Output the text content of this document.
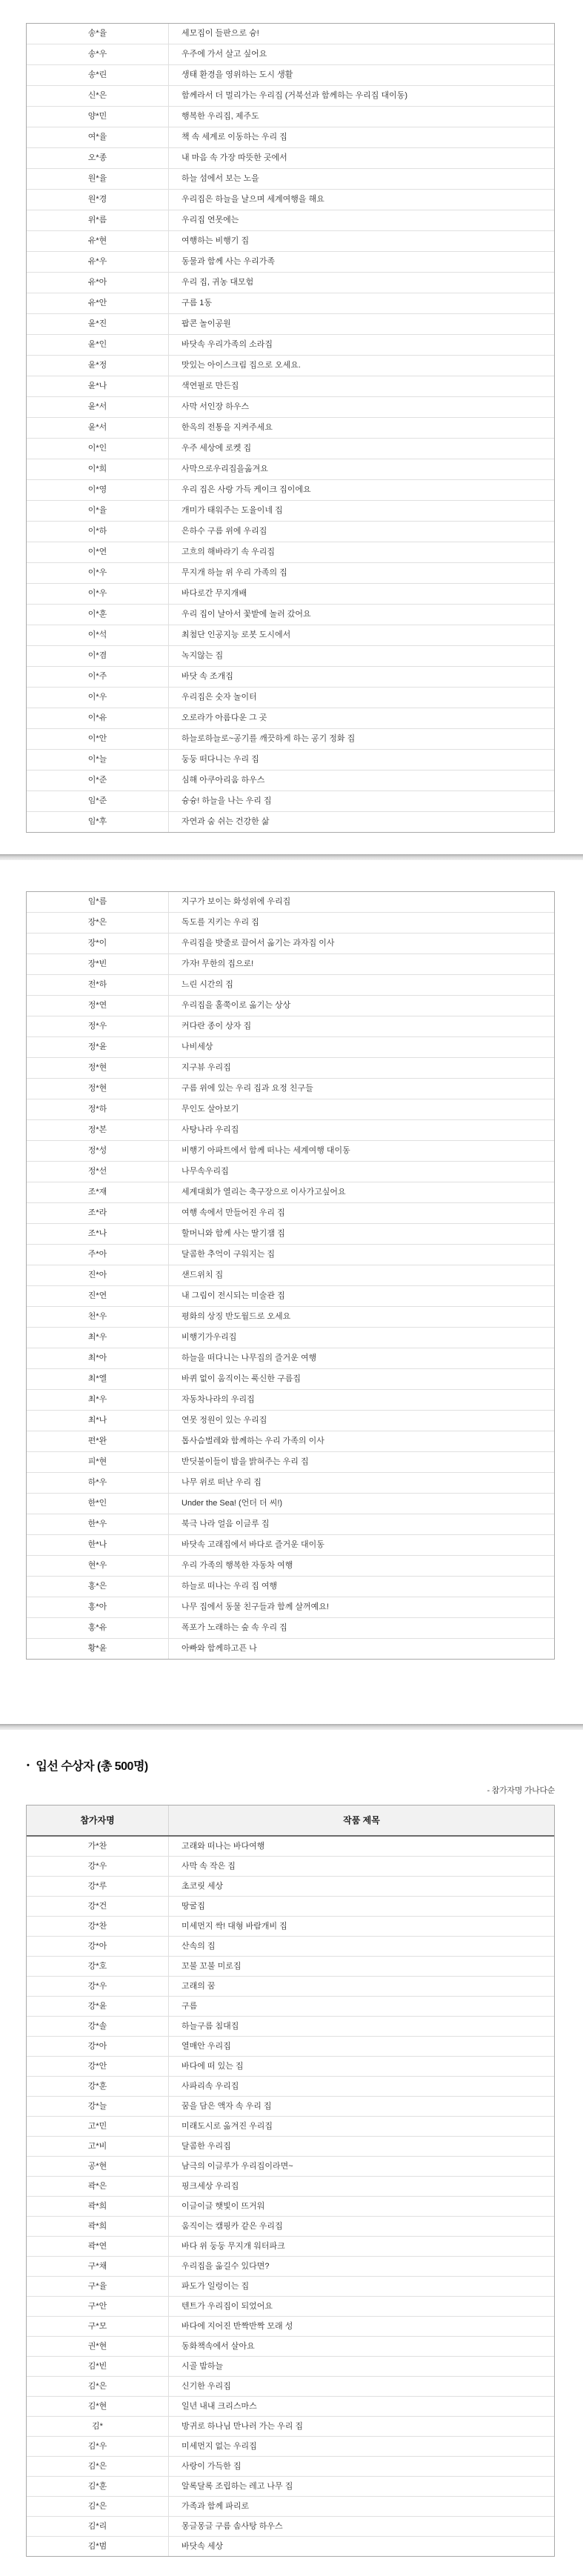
송*율	세모집이 들판으로 슝!
송*우	우주에 가서 살고 싶어요
송*린	생태 환경을 영위하는 도시 생활
신*은	함께라서 더 멀리가는 우리집 (거북선과 함께하는 우리집 대이동)
양*민	행복한 우리집, 제주도
여*율	책 속 세계로 이동하는 우리 집
오*종	내 마음 속 가장 따뜻한 곳에서
원*율	하늘 섬에서 보는 노을
원*경	우리집은 하늘을 날으며 세계여행을 해요
위*름	우리집 연못에는
유*현	여행하는 비행기 집
유*우	동물과 함께 사는 우리가족
유*아	우리 집, 귀농 대모험
유*안	구름 1동
윤*진	팝콘 놀이공원
윤*인	바닷속 우리가족의 소라집
윤*정	맛있는 아이스크림 집으로 오세요.
윤*나	색연필로 만든집
윤*서	사막 서인장 하우스
윤*서	한옥의 전통을 지켜주세요
이*인	우주 세상에 로켓 집
이*희	사막으로우리집을옮겨요
이*영	우리 집은 사랑 가득 케이크 집이에요
이*율	개미가 태워주는 도율이네 집
이*하	은하수 구름 위에 우리집
이*연	고흐의 해바라기 속 우리집
이*우	무지개 하늘 위 우리 가족의 집
이*우	바다로간 무지개배
이*훈	우리 집이 날아서 꽃밭에 놀러 갔어요
이*석	최첨단 인공지능 로봇 도시에서
이*겸	녹지않는 집
이*주	바닷 속 조개집
이*우	우리집은 숫자 놀이터
이*유	오로라가 아름다운 그 곳
이*안	하늘로하늘로~공기를 깨끗하게 하는 공기 정화 집
이*늘	둥둥 떠다니는 우리 집
이*준	심해 아쿠아리움 하우스
임*준	슝슝! 하늘을 나는 우리 집
임*후	자연과 숨 쉬는 건강한 삶
임*름	지구가 보이는 화성위에 우리집
장*은	독도를 지키는 우리 집
장*이	우리집을 밧줄로 끌어서 옮기는 과자집 이사
장*빈	가자! 무한의 집으로!
전*하	느린 시간의 집
정*연	우리집을 홀쭉이로 옮기는 상상
정*우	커다란 종이 상자 집
정*윤	나비세상
정*현	지구뷰 우리집
정*현	구름 위에 있는 우리 집과 요정 친구들
정*하	무인도 살아보기
정*본	사탕나라 우리집
정*성	비행기 아파트에서 함께 떠나는 세계여행 대이동
정*선	나무속우리집
조*재	세계대회가 열리는 축구장으로 이사가고싶어요
조*라	여행 속에서 만들어진 우리 집
조*나	할머니와 함께 사는 딸기잼 집
주*아	달콤한 추억이 구워지는 집
진*아	샌드위치 집
진*연	내 그림이 전시되는 미술관 집
천*우	평화의 상징 반도월드로 오세요
최*우	비행기가우리집
최*아	하늘을 떠다니는 나무집의 즐거운 여행
최*엘	바퀴 없이 움직이는 푹신한 구름집
최*우	자동차나라의 우리집
최*나	연못 정원이 있는 우리집
편*완	톱사슴벌레와 함께하는 우리 가족의 이사
피*현	반딧불이들이 밤을 밝혀주는 우리 집
하*우	나무 위로 떠난 우리 집
한*인	Under the Sea! (언더 더 씨!)
한*우	북극 나라 얼음 이글루 집
한*나	바닷속 고래집에서 바다로 즐거운 대이동
현*우	우리 가족의 행복한 자동차 여행
홍*은	하늘로 떠나는 우리 집 여행
홍*아	나무 집에서 동물 친구들과 함께 살꺼예요!
홍*유	폭포가 노래하는 숲 속 우리 집
황*윤	아빠와 함께하고픈 나
• 입선 수상자 (총 500명)
- 참가자명 가나다순
참가자명	작품 제목
가*찬	고래와 떠나는 바다여행
강*우	사막 속 작은 집
강*루	초코릿 세상
강*건	땅굴집
강*찬	미세먼지 싹! 대형 바람개비 집
강*아	산속의 집
강*호	꼬불 꼬불 미로집
강*우	고래의 꿈
강*윤	구름
강*솔	하늘구름 침대집
강*아	열매안 우리집
강*안	바다에 떠 있는 집
강*훈	사파리속 우리집
강*늘	꿈을 담은 액자 속 우리 집
고*민	미래도시로 옮겨진 우리집
고*비	달콤한 우리집
공*현	남극의 이글루가 우리집이라면~
곽*은	핑크세상 우리집
곽*희	이글이글 햇빛이 뜨거워
곽*희	움직이는 캠핑카 같은 우리집
곽*연	바다 위 둥둥 무지개 워터파크
구*채	우리집을 옮길수 있다면?
구*율	파도가 일렁이는 집
구*안	텐트가 우리집이 되었어요
구*모	바다에 지어진 반짝반짝 모래 성
권*현	동화책속에서 살아요
김*빈	시골 밤하늘
김*은	신기한 우리집
김*현	일년 내내 크리스마스
김*	방귀로 하나님 만나러 가는 우리 집
김*우	미세먼지 없는 우리집
김*은	사랑이 가득한 집
김*훈	알록달록 조립하는 레고 나무 집
김*은	가족과 함께 파리로
김*리	몽글몽글 구름 솜사탕 하우스
김*범	바닷속 세상
